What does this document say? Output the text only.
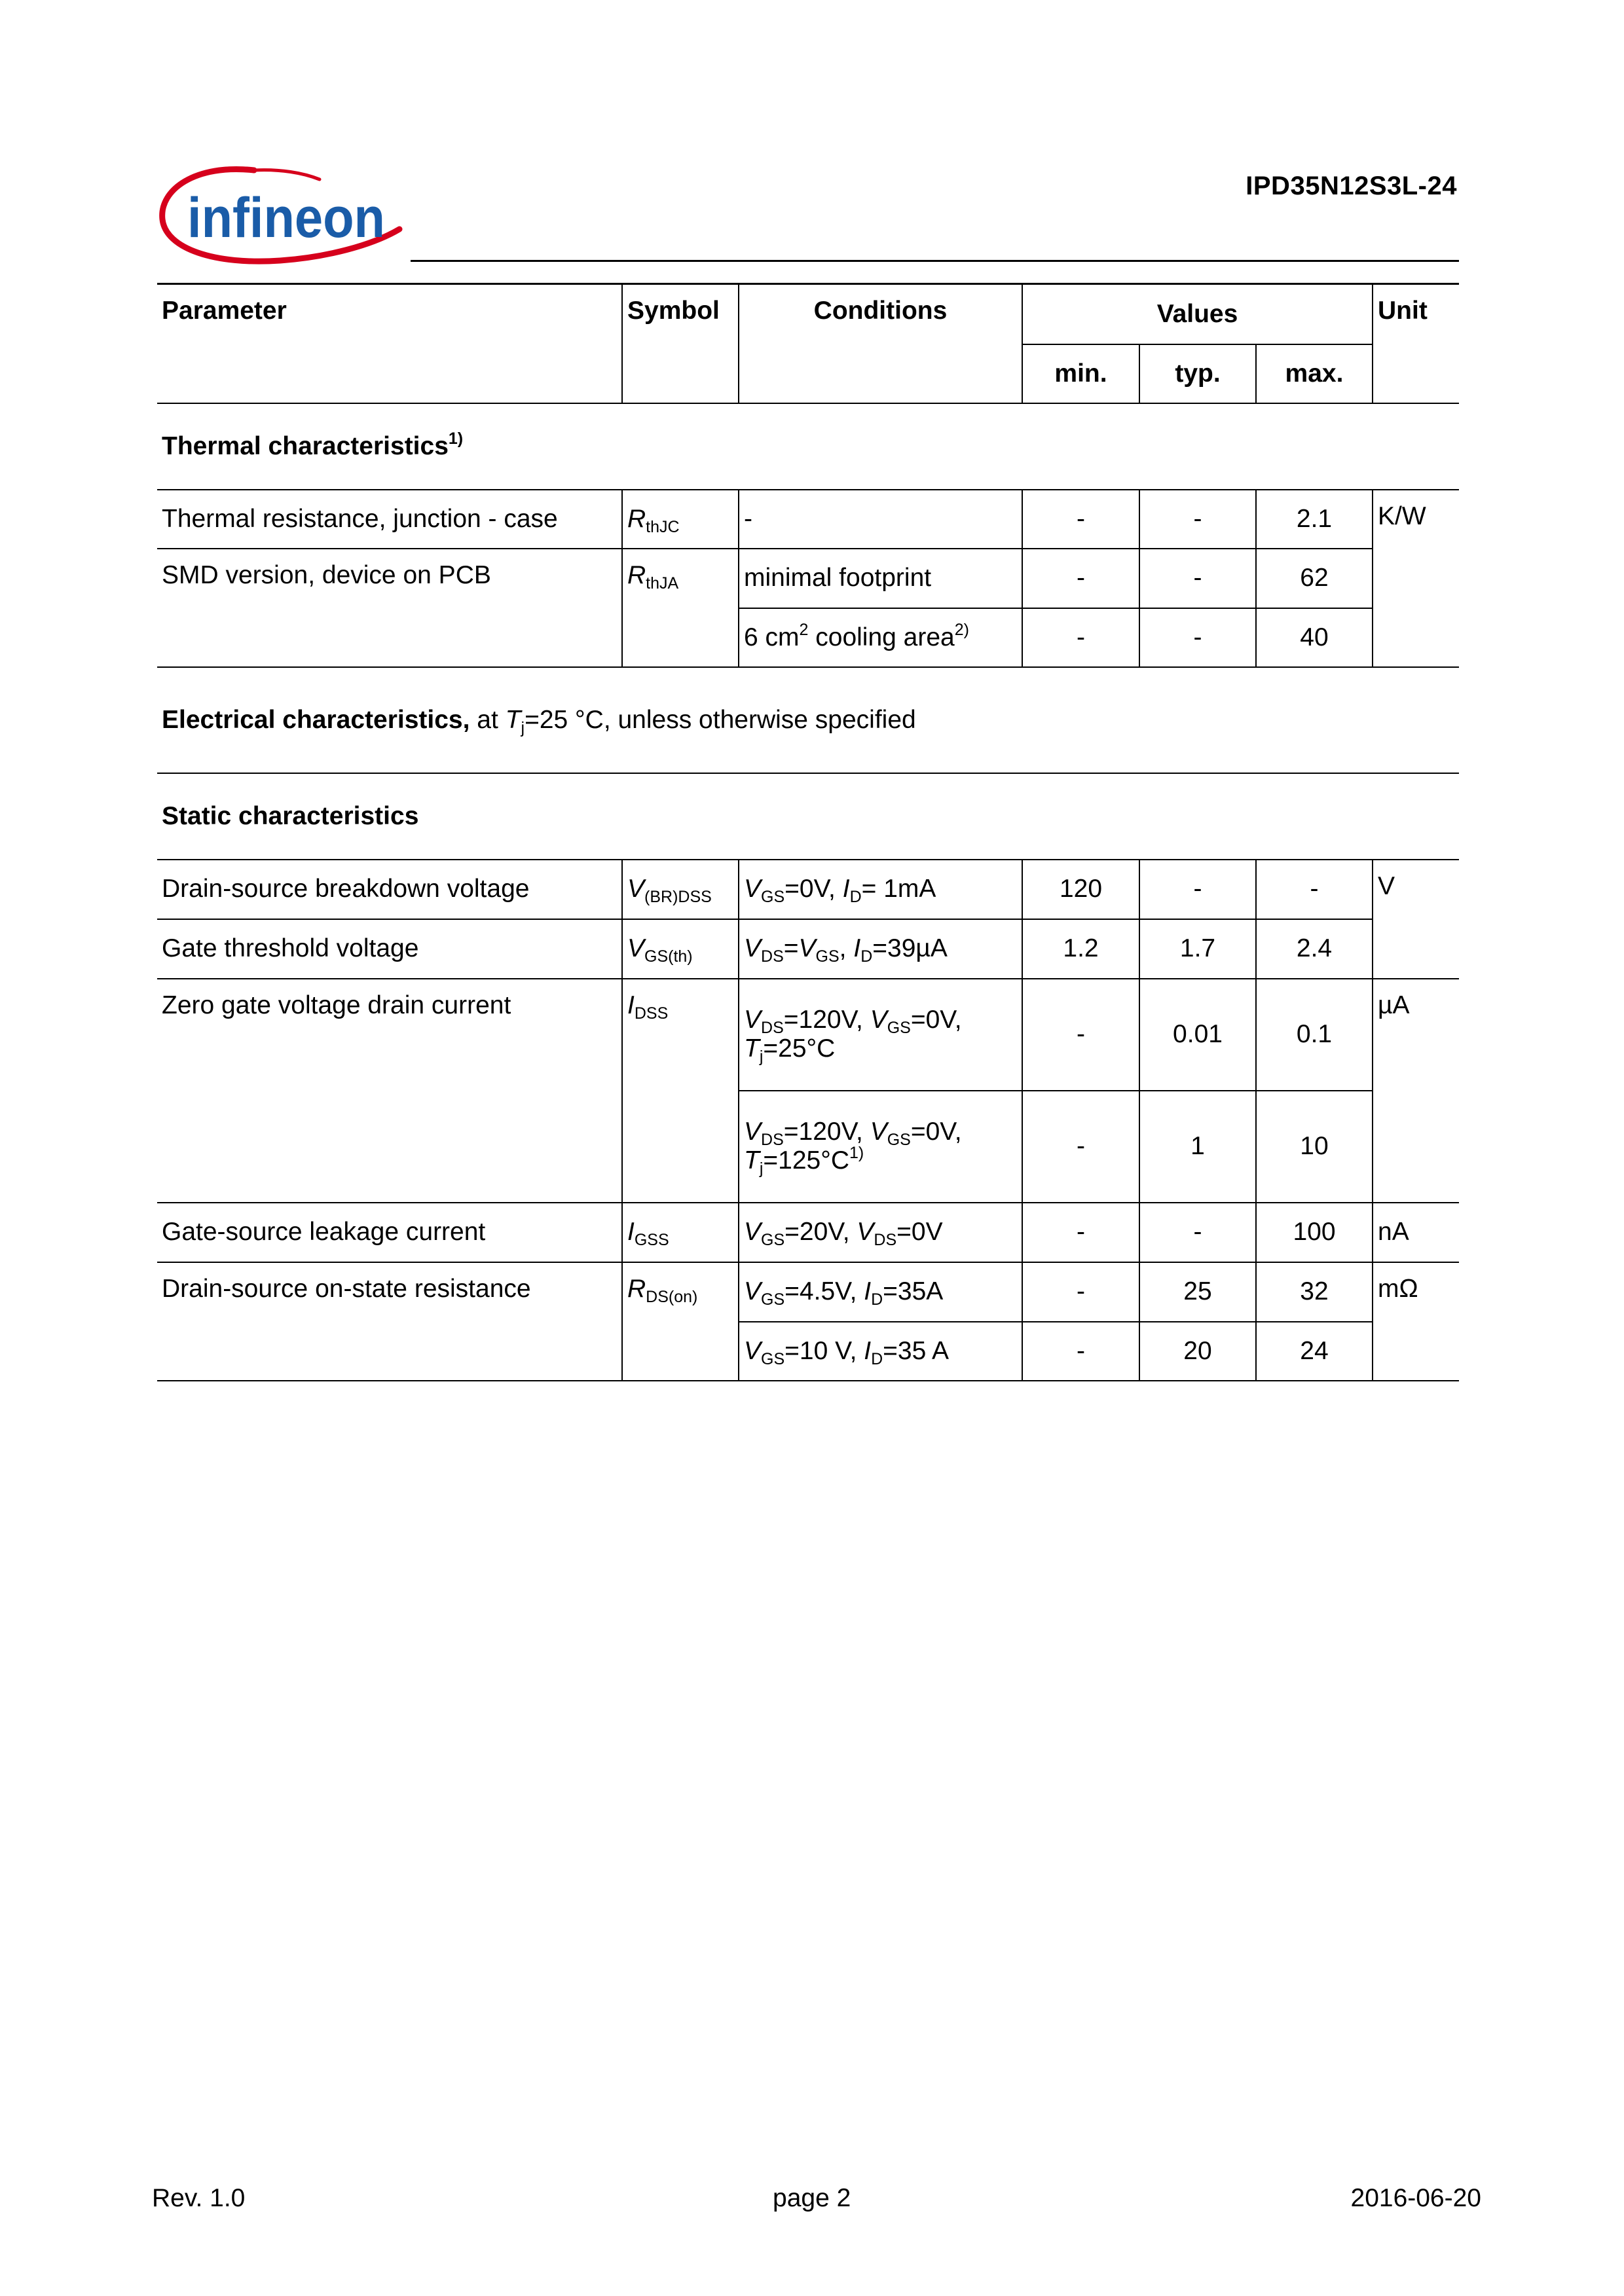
infineon
IPD35N12S3L-24
Parameter	Symbol	Conditions	Values			Unit
			min.	typ.	max.	
Thermal characteristics$^{1)}$
Thermal resistance, junction - case	$R_{thJC}$	-	-	-	2.1	K/W
SMD version, device on PCB	$R_{thJA}$	minimal footprint	-	-	62	
		6 $cm^2$ cooling area$^{2)}$	-	-	40	
Electrical characteristics, at $T_j=25$ °C, unless otherwise specified						
Static characteristics						
Drain-source breakdown voltage	$V_{(BR)DSS}$	$V_{GS}=0V$, $I_D= 1mA$	120	-	-	V
Gate threshold voltage	$V_{GS(th)}$	$V_{DS}=V_{GS}$, $I_D=39\mu A$	1.2	1.7	2.4	
Zero gate voltage drain current	$I_{DSS}$	$V_{DS}=120V$, $V_{GS}=0V$,
$T_j=25^\circ C$	-	0.01	0.1	µA
		$V_{DS}=120V$, $V_{GS}=0V$,
$T_j=125^\circ C^{1)}$	-	1	10	
Gate-source leakage current	$I_{GSS}$	$V_{GS}=20V$, $V_{DS}=0V$	-	-	100	nA
Drain-source on-state resistance	$R_{DS(on)}$	$V_{GS}=4.5V$, $I_D=35A$	-	25	32	mΩ
		$V_{GS}=10$ V, $I_D=35$ A	-	20	24	
Rev. 1.0	page 2	2016-06-20
